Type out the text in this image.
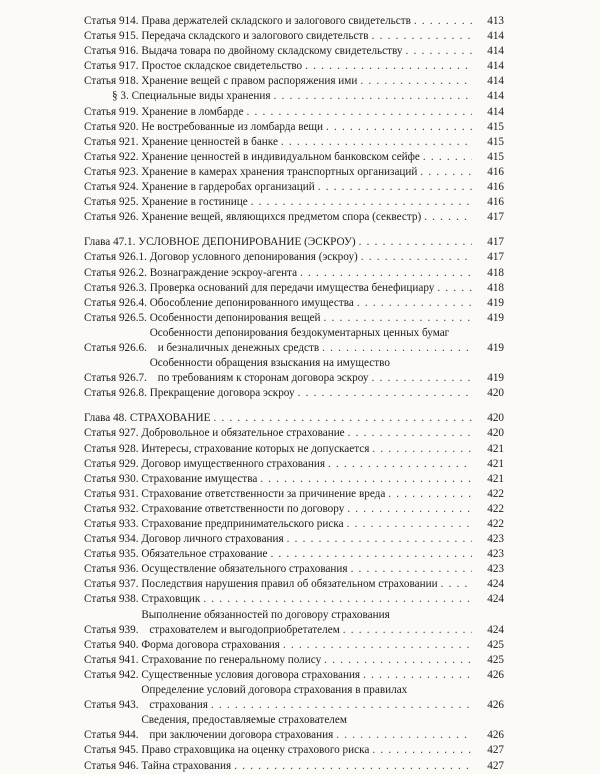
Статья 914. Права держателей складского и залогового свидетельств . . .	413
Статья 915. Передача складского и залогового свидетельств . . .	414
Статья 916. Выдача товара по двойному складскому свидетельству . . .	414
Статья 917. Простое складское свидетельство . . .	414
Статья 918. Хранение вещей с правом распоряжения ими . . .	414
§ 3. Специальные виды хранения . . .	414
Статья 919. Хранение в ломбарде . . .	414
Статья 920. Не востребованные из ломбарда вещи . . .	415
Статья 921. Хранение ценностей в банке . . .	415
Статья 922. Хранение ценностей в индивидуальном банковском сейфе . . .	415
Статья 923. Хранение в камерах хранения транспортных организаций . . .	416
Статья 924. Хранение в гардеробах организаций . . .	416
Статья 925. Хранение в гостинице . . .	416
Статья 926. Хранение вещей, являющихся предметом спора (секвестр) . . .	417
Глава 47.1. УСЛОВНОЕ ДЕПОНИРОВАНИЕ (ЭСКРОУ) . . .	417
Статья 926.1. Договор условного депонирования (эскроу) . . .	417
Статья 926.2. Вознаграждение эскроу-агента . . .	418
Статья 926.3. Проверка оснований для передачи имущества бенефициару . . .	418
Статья 926.4. Обособление депонированного имущества . . .	419
Статья 926.5. Особенности депонирования вещей . . .	419
Статья 926.6.

Особенности депонирования бездокументарных ценных бумаг
и безналичных денежных средств . . .	419
Статья 926.7.

Особенности обращения взыскания на имущество
по требованиям к сторонам договора эскроу . . .	419
Статья 926.8. Прекращение договора эскроу . . .	420
Глава 48. СТРАХОВАНИЕ . . .	420
Статья 927. Добровольное и обязательное страхование . . .	420
Статья 928. Интересы, страхование которых не допускается . . .	421
Статья 929. Договор имущественного страхования . . .	421
Статья 930. Страхование имущества . . .	421
Статья 931. Страхование ответственности за причинение вреда . . .	422
Статья 932. Страхование ответственности по договору . . .	422
Статья 933. Страхование предпринимательского риска . . .	422
Статья 934. Договор личного страхования . . .	423
Статья 935. Обязательное страхование . . .	423
Статья 936. Осуществление обязательного страхования . . .	423
Статья 937. Последствия нарушения правил об обязательном страховании . . .	424
Статья 938. Страховщик . . .	424
Статья 939.

Выполнение обязанностей по договору страхования
страхователем и выгодоприобретателем . . .	424
Статья 940. Форма договора страхования . . .	425
Статья 941. Страхование по генеральному полису . . .	425
Статья 942. Существенные условия договора страхования . . .	426
Статья 943.

Определение условий договора страхования в правилах
страхования . . .	426
Статья 944.

Сведения, предоставляемые страхователем
при заключении договора страхования . . .	426
Статья 945. Право страховщика на оценку страхового риска . . .	427
Статья 946. Тайна страхования . . .	427
